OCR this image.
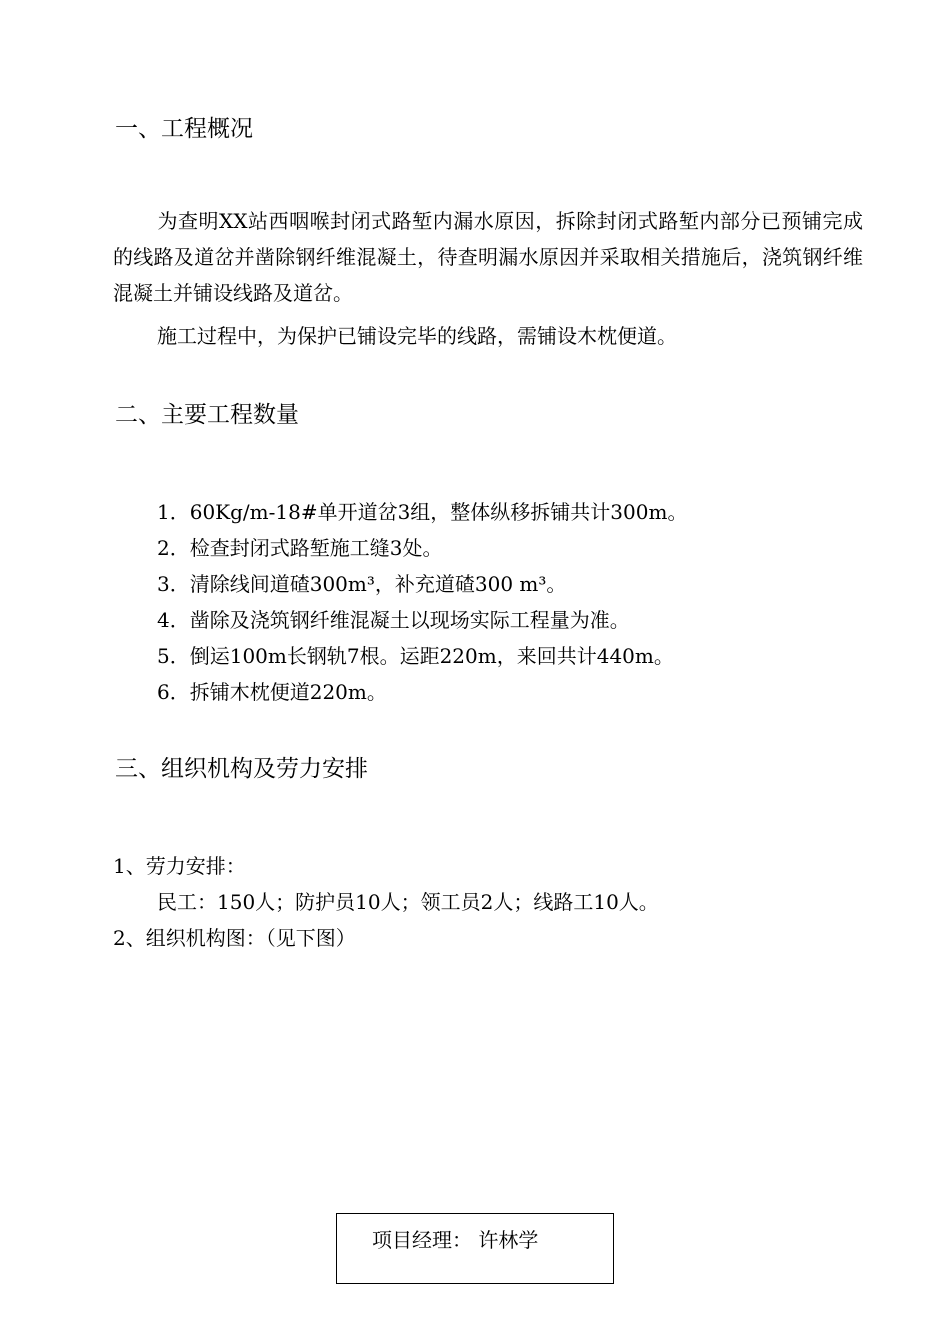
一、工程概况
为查明XX站西咽喉封闭式路堑内漏水原因，拆除封闭式路堑内部分已预铺完成的线路及道岔并凿除钢纤维混凝土，待查明漏水原因并采取相关措施后，浇筑钢纤维混凝土并铺设线路及道岔。
施工过程中，为保护已铺设完毕的线路，需铺设木枕便道。
二、主要工程数量
1．60Kg/m-18#单开道岔3组，整体纵移拆铺共计300m。
2．检查封闭式路堑施工缝3处。
3．清除线间道碴300m³，补充道碴300 m³。
4．凿除及浇筑钢纤维混凝土以现场实际工程量为准。
5．倒运100m长钢轨7根。运距220m，来回共计440m。
6．拆铺木枕便道220m。
三、组织机构及劳力安排
1、劳力安排：
民工：150人；防护员10人；领工员2人；线路工10人。
2、组织机构图：（见下图）
项目经理： 许林学
